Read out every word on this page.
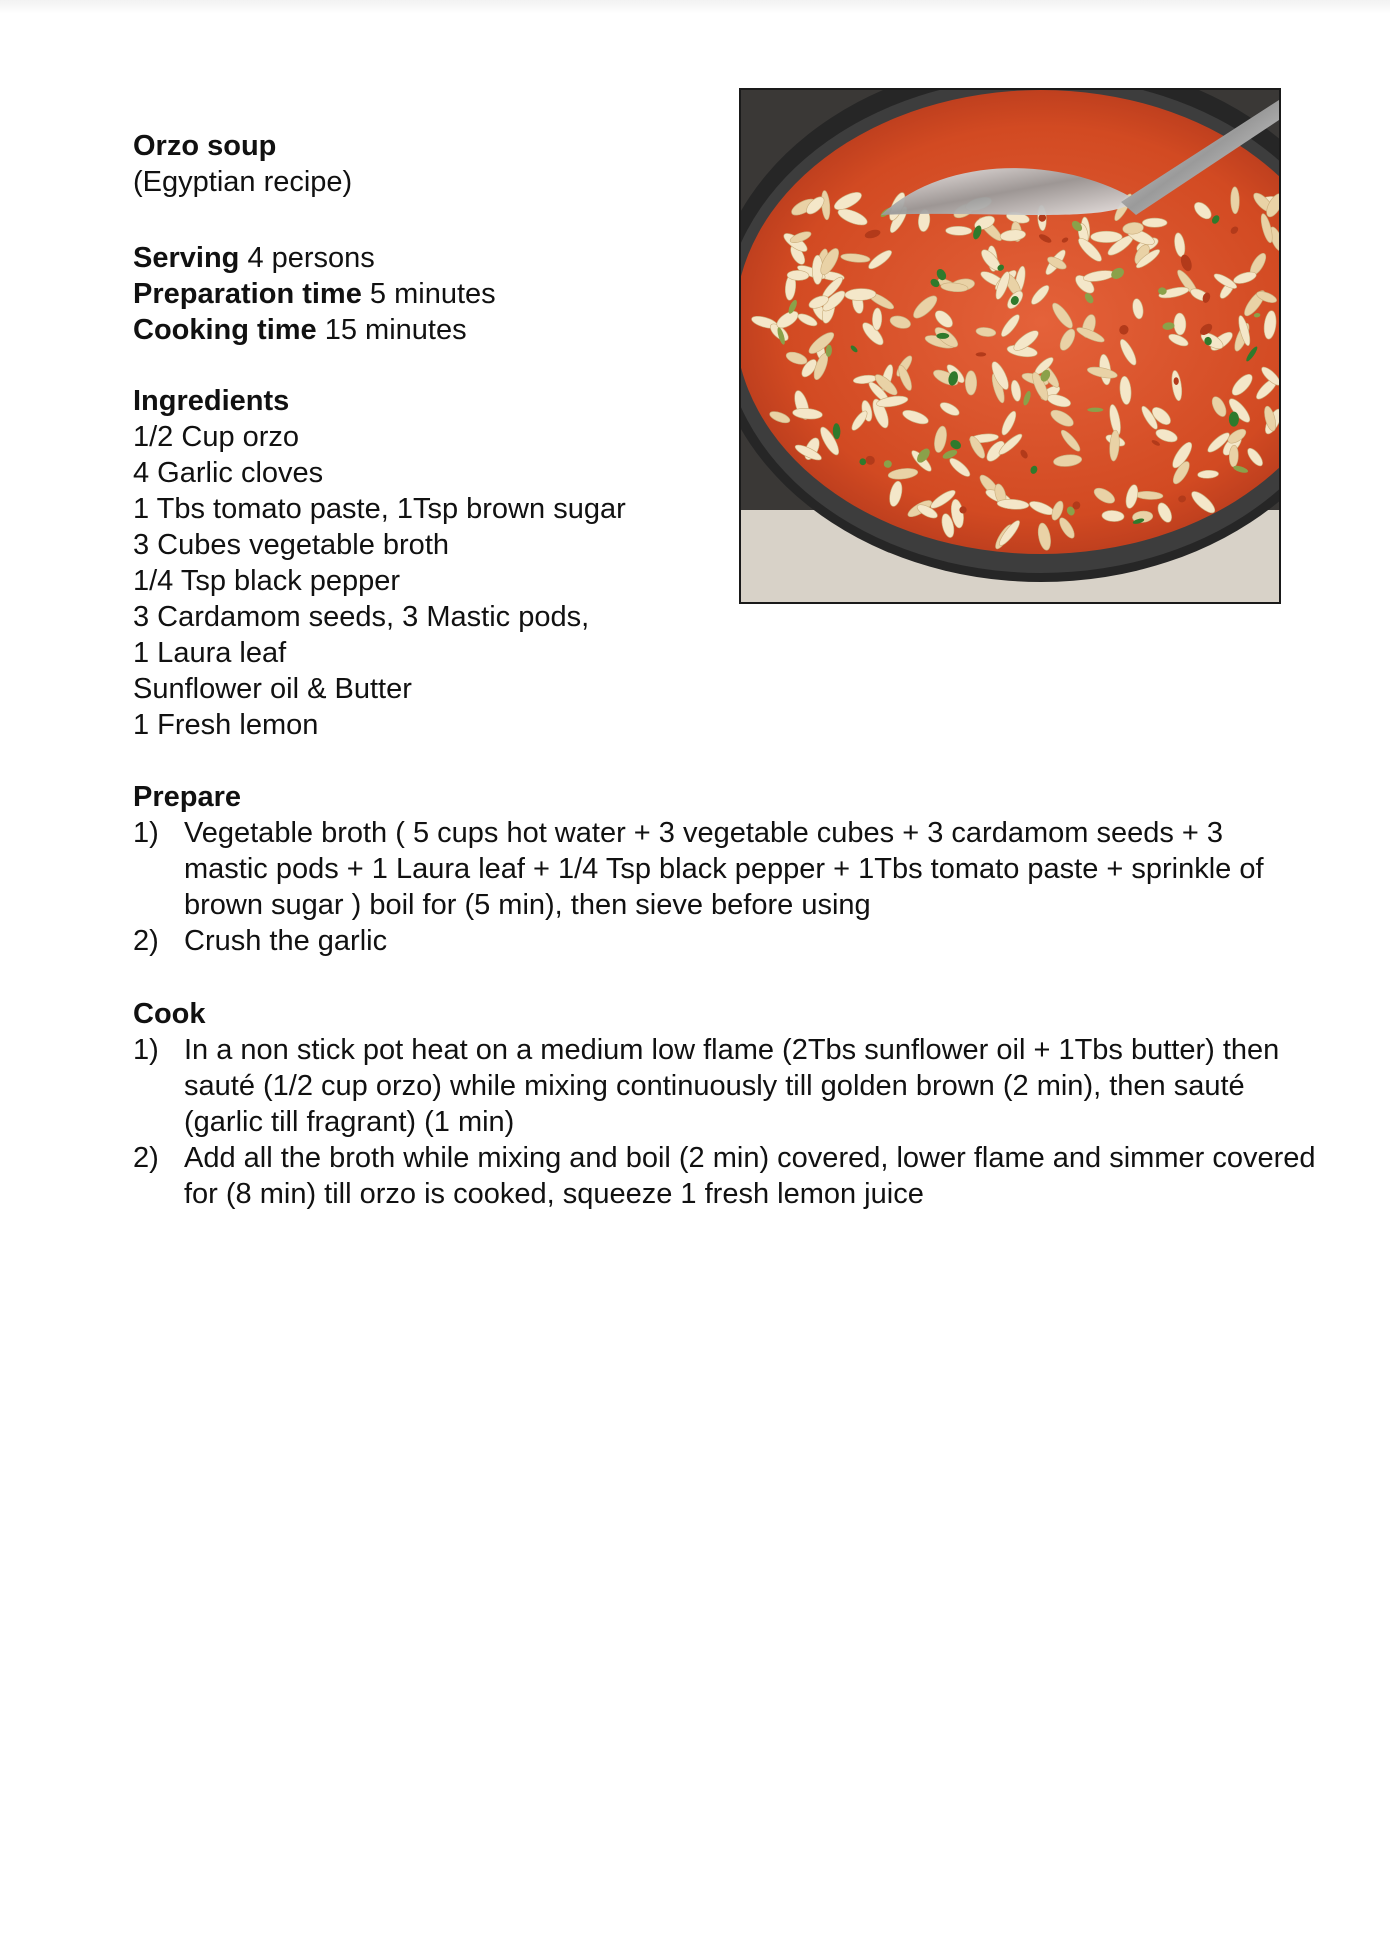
Orzo soup
(Egyptian recipe)
Serving 4 persons
Preparation time 5 minutes
Cooking time 15 minutes
Ingredients
1/2 Cup orzo
4 Garlic cloves
1 Tbs tomato paste, 1Tsp brown sugar
3 Cubes vegetable broth
1/4 Tsp black pepper
3 Cardamom seeds, 3 Mastic pods,
1 Laura leaf
Sunflower oil & Butter
1 Fresh lemon
Prepare
1) Vegetable broth ( 5 cups hot water + 3 vegetable cubes + 3 cardamom seeds + 3 mastic pods + 1 Laura leaf + 1/4 Tsp black pepper + 1Tbs tomato paste + sprinkle of brown sugar ) boil for (5 min), then sieve before using
2) Crush the garlic
Cook
1) In a non stick pot heat on a medium low flame (2Tbs sunflower oil + 1Tbs butter) then sauté (1/2 cup orzo) while mixing continuously till golden brown (2 min), then sauté (garlic till fragrant) (1 min)
2) Add all the broth while mixing and boil (2 min) covered, lower flame and simmer covered for (8 min) till orzo is cooked, squeeze 1 fresh lemon juice
